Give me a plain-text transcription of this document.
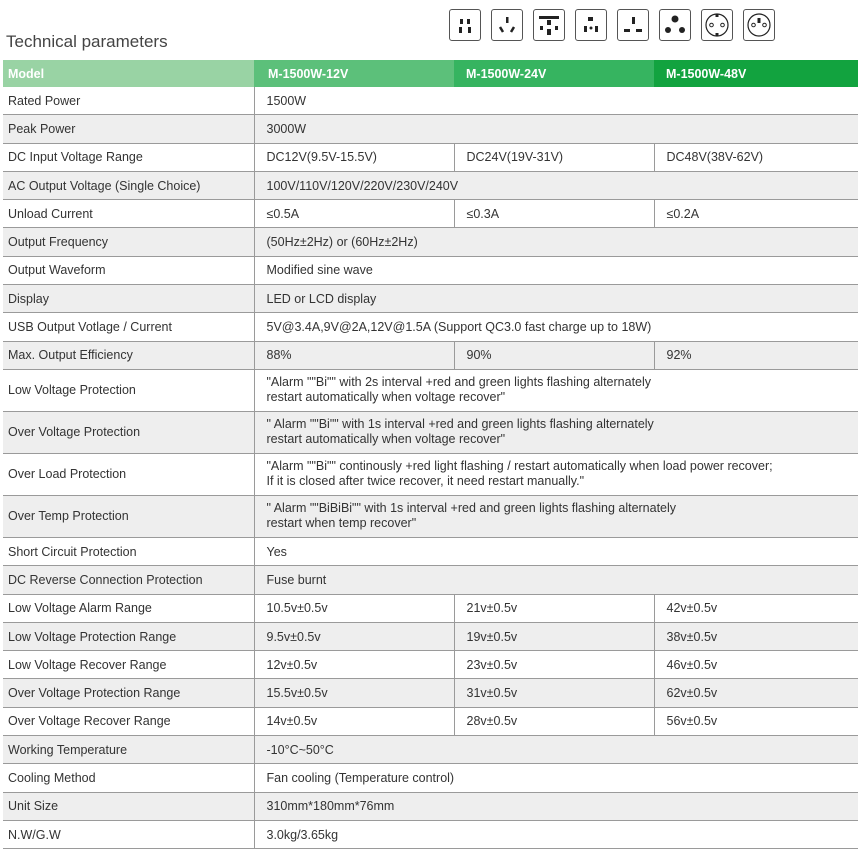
Technical parameters
Model	M-1500W-12V	M-1500W-24V	M-1500W-48V
Rated Power	1500W		
Peak Power	3000W		
DC Input Voltage Range	DC12V(9.5V-15.5V)	DC24V(19V-31V)	DC48V(38V-62V)
AC Output Voltage (Single Choice)	100V/110V/120V/220V/230V/240V		
Unload Current	≤0.5A	≤0.3A	≤0.2A
Output Frequency	(50Hz±2Hz) or (60Hz±2Hz)		
Output Waveform	Modified sine wave		
Display	LED or LCD display		
USB Output Votlage / Current	5V@3.4A,9V@2A,12V@1.5A (Support QC3.0 fast charge up to 18W)		
Max. Output Efficiency	88%	90%	92%
Low Voltage Protection	"Alarm ""Bi"" with 2s interval +red and green lights flashing alternately
restart automatically when voltage recover"		

Over Voltage Protection	" Alarm ""Bi"" with 1s interval +red and green lights flashing alternately
restart automatically when voltage recover"		

Over Load Protection	"Alarm ""Bi"" continously +red light flashing / restart automatically when load power recover;
If it is closed after twice recover, it need restart manually."		

Over Temp Protection	" Alarm ""BiBiBi"" with 1s interval +red and green lights flashing alternately
restart when temp recover"		

Short Circuit Protection	Yes		
DC Reverse Connection Protection	Fuse burnt		
Low Voltage Alarm Range	10.5v±0.5v	21v±0.5v	42v±0.5v
Low Voltage Protection Range	9.5v±0.5v	19v±0.5v	38v±0.5v
Low Voltage Recover Range	12v±0.5v	23v±0.5v	46v±0.5v
Over Voltage Protection Range	15.5v±0.5v	31v±0.5v	62v±0.5v
Over Voltage Recover Range	14v±0.5v	28v±0.5v	56v±0.5v
Working Temperature	-10°C~50°C		
Cooling Method	Fan cooling (Temperature control)		
Unit Size	310mm*180mm*76mm		
N.W/G.W	3.0kg/3.65kg		
